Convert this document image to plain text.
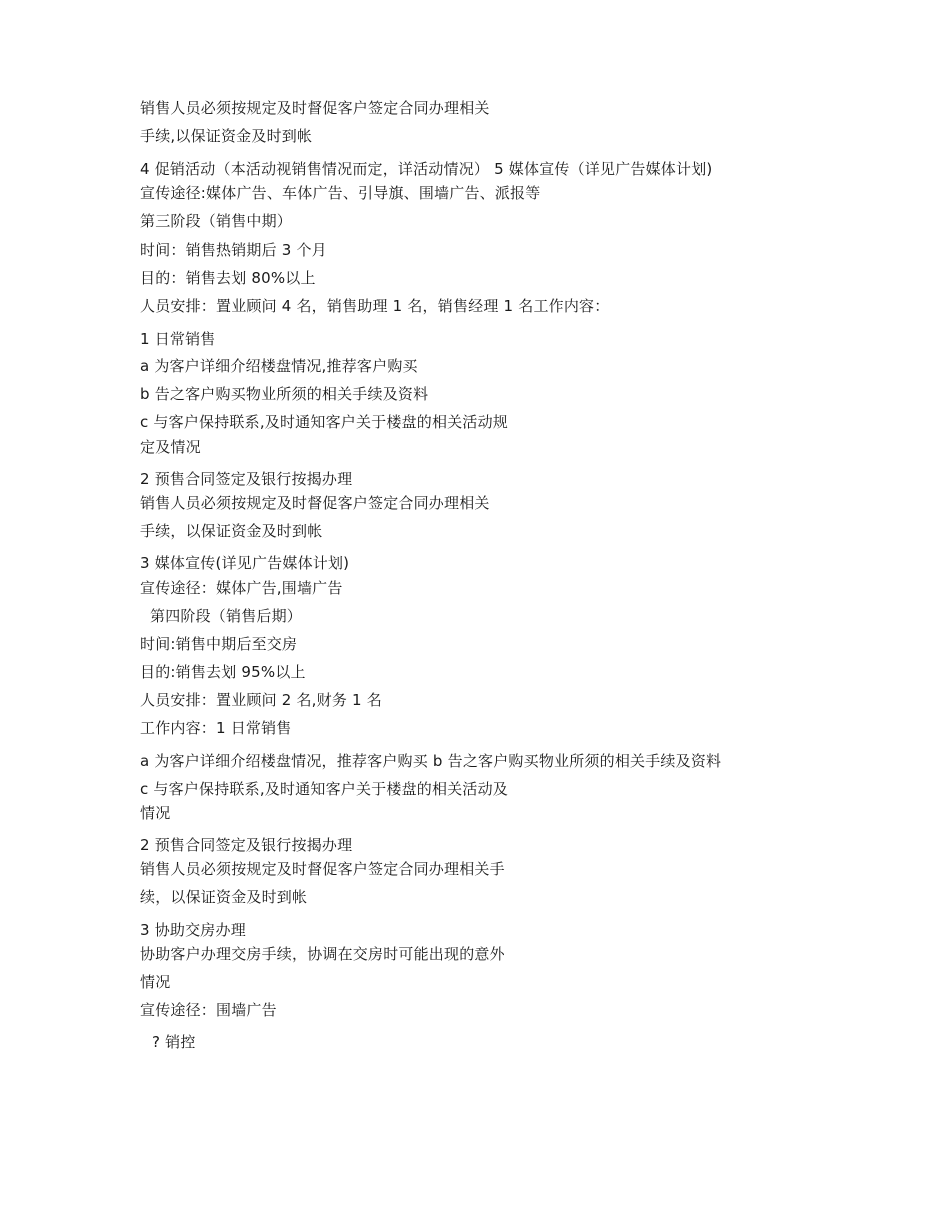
销售人员必须按规定及时督促客户签定合同办理相关
手续,以保证资金及时到帐
4 促销活动（本活动视销售情况而定，详活动情况） 5 媒体宣传（详见广告媒体计划)
宣传途径:媒体广告、车体广告、引导旗、围墙广告、派报等
第三阶段（销售中期）
时间：销售热销期后 3 个月
目的：销售去划 80%以上
人员安排：置业顾问 4 名，销售助理 1 名，销售经理 1 名工作内容：
1 日常销售
a 为客户详细介绍楼盘情况,推荐客户购买
b 告之客户购买物业所须的相关手续及资料
c 与客户保持联系,及时通知客户关于楼盘的相关活动规
定及情况
2 预售合同签定及银行按揭办理
销售人员必须按规定及时督促客户签定合同办理相关
手续，以保证资金及时到帐
3 媒体宣传(详见广告媒体计划)
宣传途径：媒体广告,围墙广告
第四阶段（销售后期）
时间:销售中期后至交房
目的:销售去划 95%以上
人员安排：置业顾问 2 名,财务 1 名
工作内容：1 日常销售
a 为客户详细介绍楼盘情况，推荐客户购买 b 告之客户购买物业所须的相关手续及资料
c 与客户保持联系,及时通知客户关于楼盘的相关活动及
情况
2 预售合同签定及银行按揭办理
销售人员必须按规定及时督促客户签定合同办理相关手
续，以保证资金及时到帐
3 协助交房办理
协助客户办理交房手续，协调在交房时可能出现的意外
情况
宣传途径：围墙广告
? 销控
